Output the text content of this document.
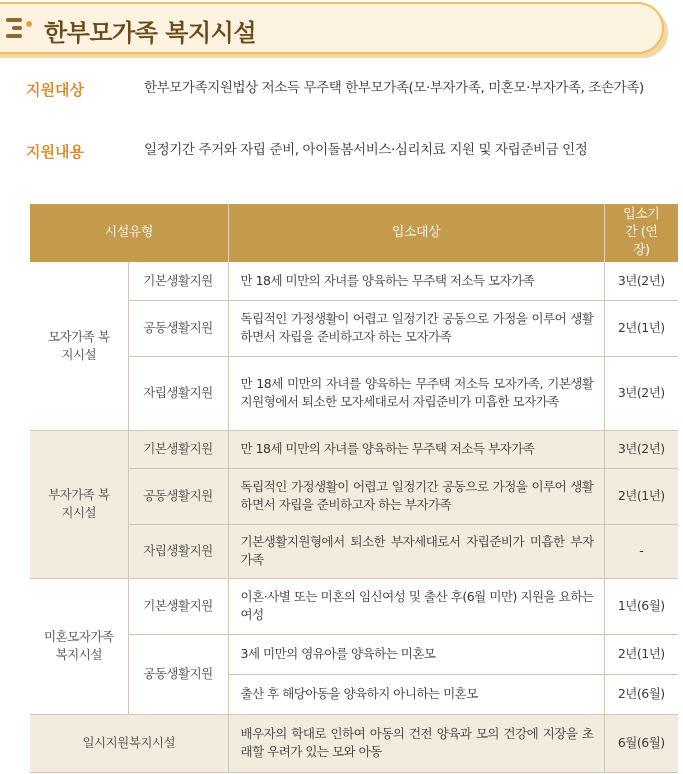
한부모가족 복지시설
지원대상	한부모가족지원법상 저소득 무주택 한부모가족(모·부자가족, 미혼모·부자가족, 조손가족)
지원내용	일정기간 주거와 자립 준비, 아이돌봄서비스·심리치료 지원 및 자립준비금 인정
시설유형		입소대상	입소기간 (연장)
모자가족 복지시설	기본생활지원	만 18세 미만의 자녀를 양육하는 무주택 저소득 모자가족	3년(2년)
	공동생활지원	독립적인 가정생활이 어렵고 일정기간 공동으로 가정을 이루어 생활하면서 자립을 준비하고자 하는 모자가족	2년(1년)
	자립생활지원	만 18세 미만의 자녀를 양육하는 무주택 저소득 모자가족, 기본생활지원형에서 퇴소한 모자세대로서 자립준비가 미흡한 모자가족	3년(2년)
부자가족 복지시설	기본생활지원	만 18세 미만의 자녀를 양육하는 무주택 저소득 부자가족	3년(2년)
	공동생활지원	독립적인 가정생활이 어렵고 일정기간 공동으로 가정을 이루어 생활하면서 자립을 준비하고자 하는 부자가족	2년(1년)
	자립생활지원	기본생활지원형에서 퇴소한 부자세대로서 자립준비가 미흡한 부자가족	-
미혼모자가족 복지시설	기본생활지원	이혼·사별 또는 미혼의 임신여성 및 출산 후(6월 미만) 지원을 요하는 여성	1년(6월)
	공동생활지원	3세 미만의 영유아를 양육하는 미혼모	2년(1년)
		출산 후 해당아동을 양육하지 아니하는 미혼모	2년(6월)
일시지원복지시설		배우자의 학대로 인하여 아동의 건전 양육과 모의 건강에 지장을 초래할 우려가 있는 모와 아동	6월(6월)
